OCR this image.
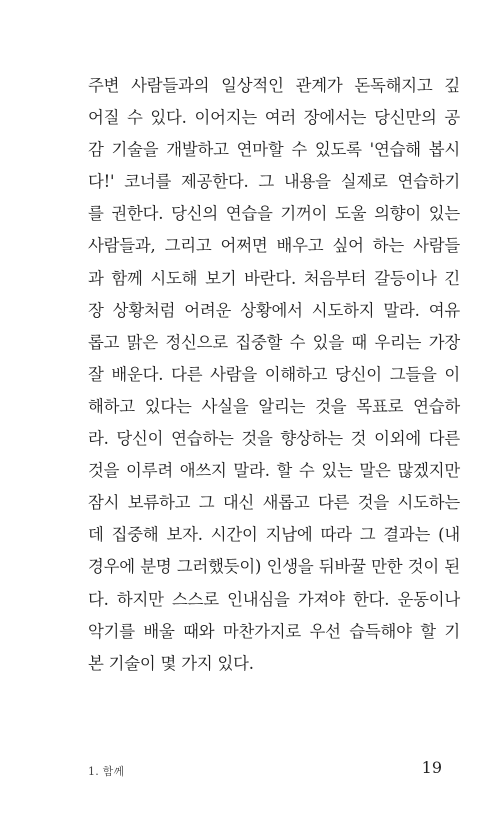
주변 사람들과의 일상적인 관계가 돈독해지고 깊
어질 수 있다. 이어지는 여러 장에서는 당신만의 공
감 기술을 개발하고 연마할 수 있도록 '연습해 봅시
다!' 코너를 제공한다. 그 내용을 실제로 연습하기
를 권한다. 당신의 연습을 기꺼이 도울 의향이 있는
사람들과, 그리고 어쩌면 배우고 싶어 하는 사람들
과 함께 시도해 보기 바란다. 처음부터 갈등이나 긴
장 상황처럼 어려운 상황에서 시도하지 말라. 여유
롭고 맑은 정신으로 집중할 수 있을 때 우리는 가장
잘 배운다. 다른 사람을 이해하고 당신이 그들을 이
해하고 있다는 사실을 알리는 것을 목표로 연습하
라. 당신이 연습하는 것을 향상하는 것 이외에 다른
것을 이루려 애쓰지 말라. 할 수 있는 말은 많겠지만
잠시 보류하고 그 대신 새롭고 다른 것을 시도하는
데 집중해 보자. 시간이 지남에 따라 그 결과는 (내
경우에 분명 그러했듯이) 인생을 뒤바꿀 만한 것이 된
다. 하지만 스스로 인내심을 가져야 한다. 운동이나
악기를 배울 때와 마찬가지로 우선 습득해야 할 기
본 기술이 몇 가지 있다.
1. 함께	19
